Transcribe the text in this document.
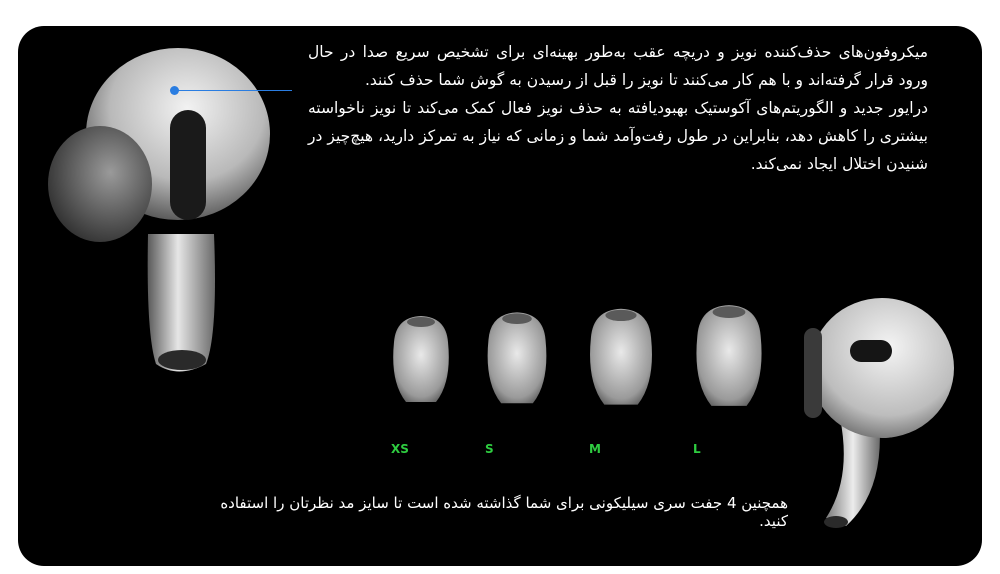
میکروفون‌های حذف‌کننده نویز و دریچه عقب به‌طور بهینه‌ای برای تشخیص سریع صدا در حال ورود قرار گرفته‌اند و با هم کار می‌کنند تا نویز را قبل از رسیدن به گوش شما حذف کنند.

درایور جدید و الگوریتم‌های آکوستیک بهبودیافته به حذف نویز فعال کمک می‌کند تا نویز ناخواسته بیشتری را کاهش دهد، بنابراین در طول رفت‌وآمد شما و زمانی که نیاز به تمرکز دارید، هیچ‌چیز در شنیدن اختلال ایجاد نمی‌کند.

XS	S	M	L
همچنین 4 جفت سری سیلیکونی برای شما گذاشته شده است تا سایز مد نظرتان را استفاده کنید.
